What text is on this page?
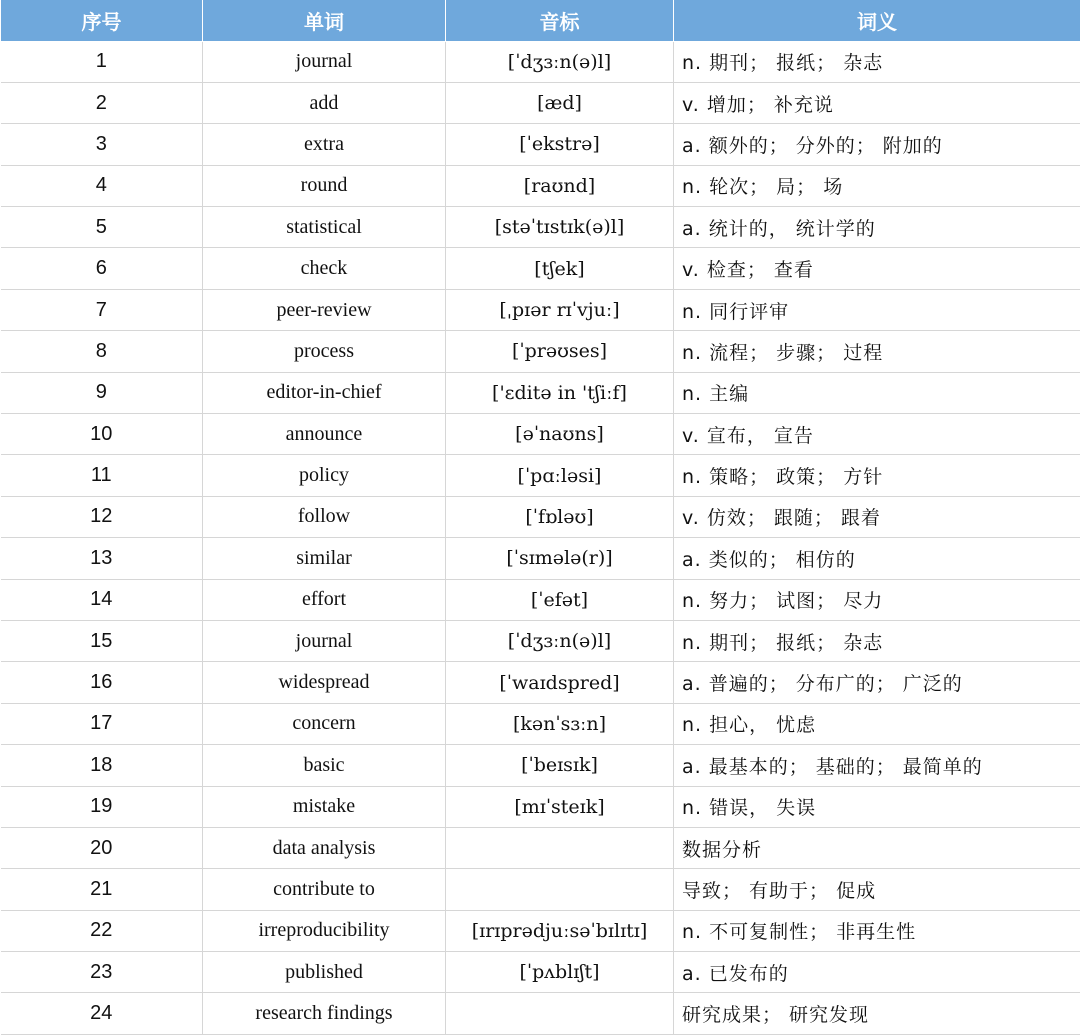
序号	单词	音标	词义
1	journal	[ˈdʒɜːn(ə)l]	n. 期刊； 报纸； 杂志
2	add	[æd]	v. 增加； 补充说
3	extra	[ˈekstrə]	a. 额外的； 分外的； 附加的
4	round	[raʊnd]	n. 轮次； 局； 场
5	statistical	[stəˈtɪstɪk(ə)l]	a. 统计的， 统计学的
6	check	[tʃek]	v. 检查； 查看
7	peer-review	[ˌpɪər rɪˈvjuː]	n. 同行评审
8	process	[ˈprəʊses]	n. 流程； 步骤； 过程
9	editor-in-chief	['ɛditə in 'tʃiːf]	n. 主编
10	announce	[əˈnaʊns]	v. 宣布， 宣告
11	policy	[ˈpɑːləsi]	n. 策略； 政策； 方针
12	follow	[ˈfɒləʊ]	v. 仿效； 跟随； 跟着
13	similar	[ˈsɪmələ(r)]	a. 类似的； 相仿的
14	effort	[ˈefət]	n. 努力； 试图； 尽力
15	journal	[ˈdʒɜːn(ə)l]	n. 期刊； 报纸； 杂志
16	widespread	[ˈwaɪdspred]	a. 普遍的； 分布广的； 广泛的
17	concern	[kənˈsɜːn]	n. 担心， 忧虑
18	basic	[ˈbeɪsɪk]	a. 最基本的； 基础的； 最简单的
19	mistake	[mɪˈsteɪk]	n. 错误， 失误
20	data analysis		数据分析
21	contribute to		导致； 有助于； 促成
22	irreproducibility	[ɪrɪprədjuːsəˈbɪlɪtɪ]	n. 不可复制性； 非再生性
23	published	[ˈpʌblɪʃt]	a. 已发布的
24	research findings		研究成果； 研究发现
